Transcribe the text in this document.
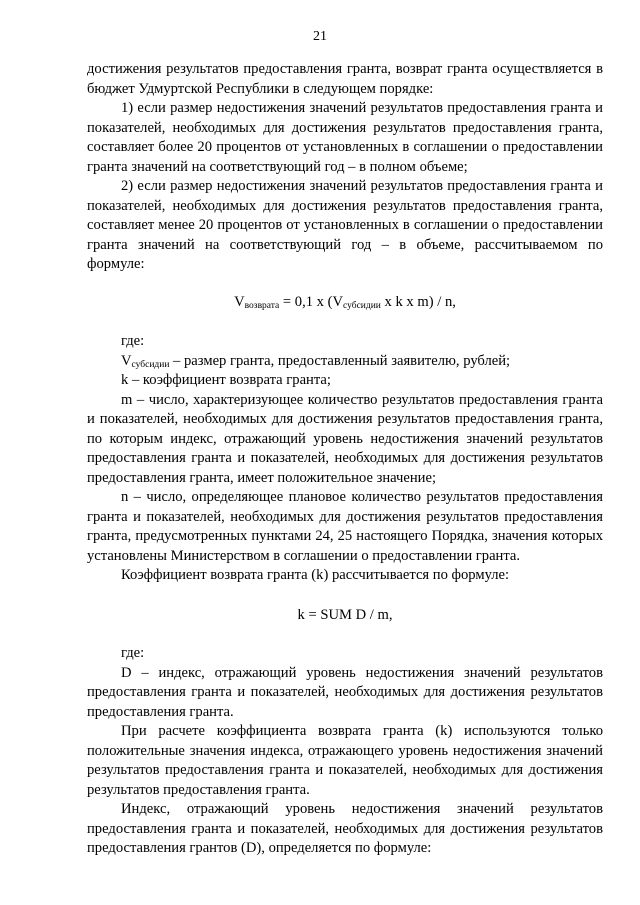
21

достижения результатов предоставления гранта, возврат гранта осуществляется в бюджет Удмуртской Республики в следующем порядке:

1) если размер недостижения значений результатов предоставления гранта и показателей, необходимых для достижения результатов предоставления гранта, составляет более 20 процентов от установленных в соглашении о предоставлении гранта значений на соответствующий год – в полном объеме;

2) если размер недостижения значений результатов предоставления гранта и показателей, необходимых для достижения результатов предоставления гранта, составляет менее 20 процентов от установленных в соглашении о предоставлении гранта значений на соответствующий год – в объеме, рассчитываемом по формуле:

$V_{возврата} = 0,1$ x ($V_{субсидии}$ x k x m) / n,

где:

$V_{субсидии}$ – размер гранта, предоставленный заявителю, рублей;

k – коэффициент возврата гранта;

m – число, характеризующее количество результатов предоставления гранта и показателей, необходимых для достижения результатов предоставления гранта, по которым индекс, отражающий уровень недостижения значений результатов предоставления гранта и показателей, необходимых для достижения результатов предоставления гранта, имеет положительное значение;

n – число, определяющее плановое количество результатов предоставления гранта и показателей, необходимых для достижения результатов предоставления гранта, предусмотренных пунктами 24, 25 настоящего Порядка, значения которых установлены Министерством в соглашении о предоставлении гранта.

Коэффициент возврата гранта (k) рассчитывается по формуле:

k = SUM D / m,

где:

D – индекс, отражающий уровень недостижения значений результатов предоставления гранта и показателей, необходимых для достижения результатов предоставления гранта.

При расчете коэффициента возврата гранта (k) используются только положительные значения индекса, отражающего уровень недостижения значений результатов предоставления гранта и показателей, необходимых для достижения результатов предоставления гранта.

Индекс, отражающий уровень недостижения значений результатов предоставления гранта и показателей, необходимых для достижения результатов предоставления грантов (D), определяется по формуле:
